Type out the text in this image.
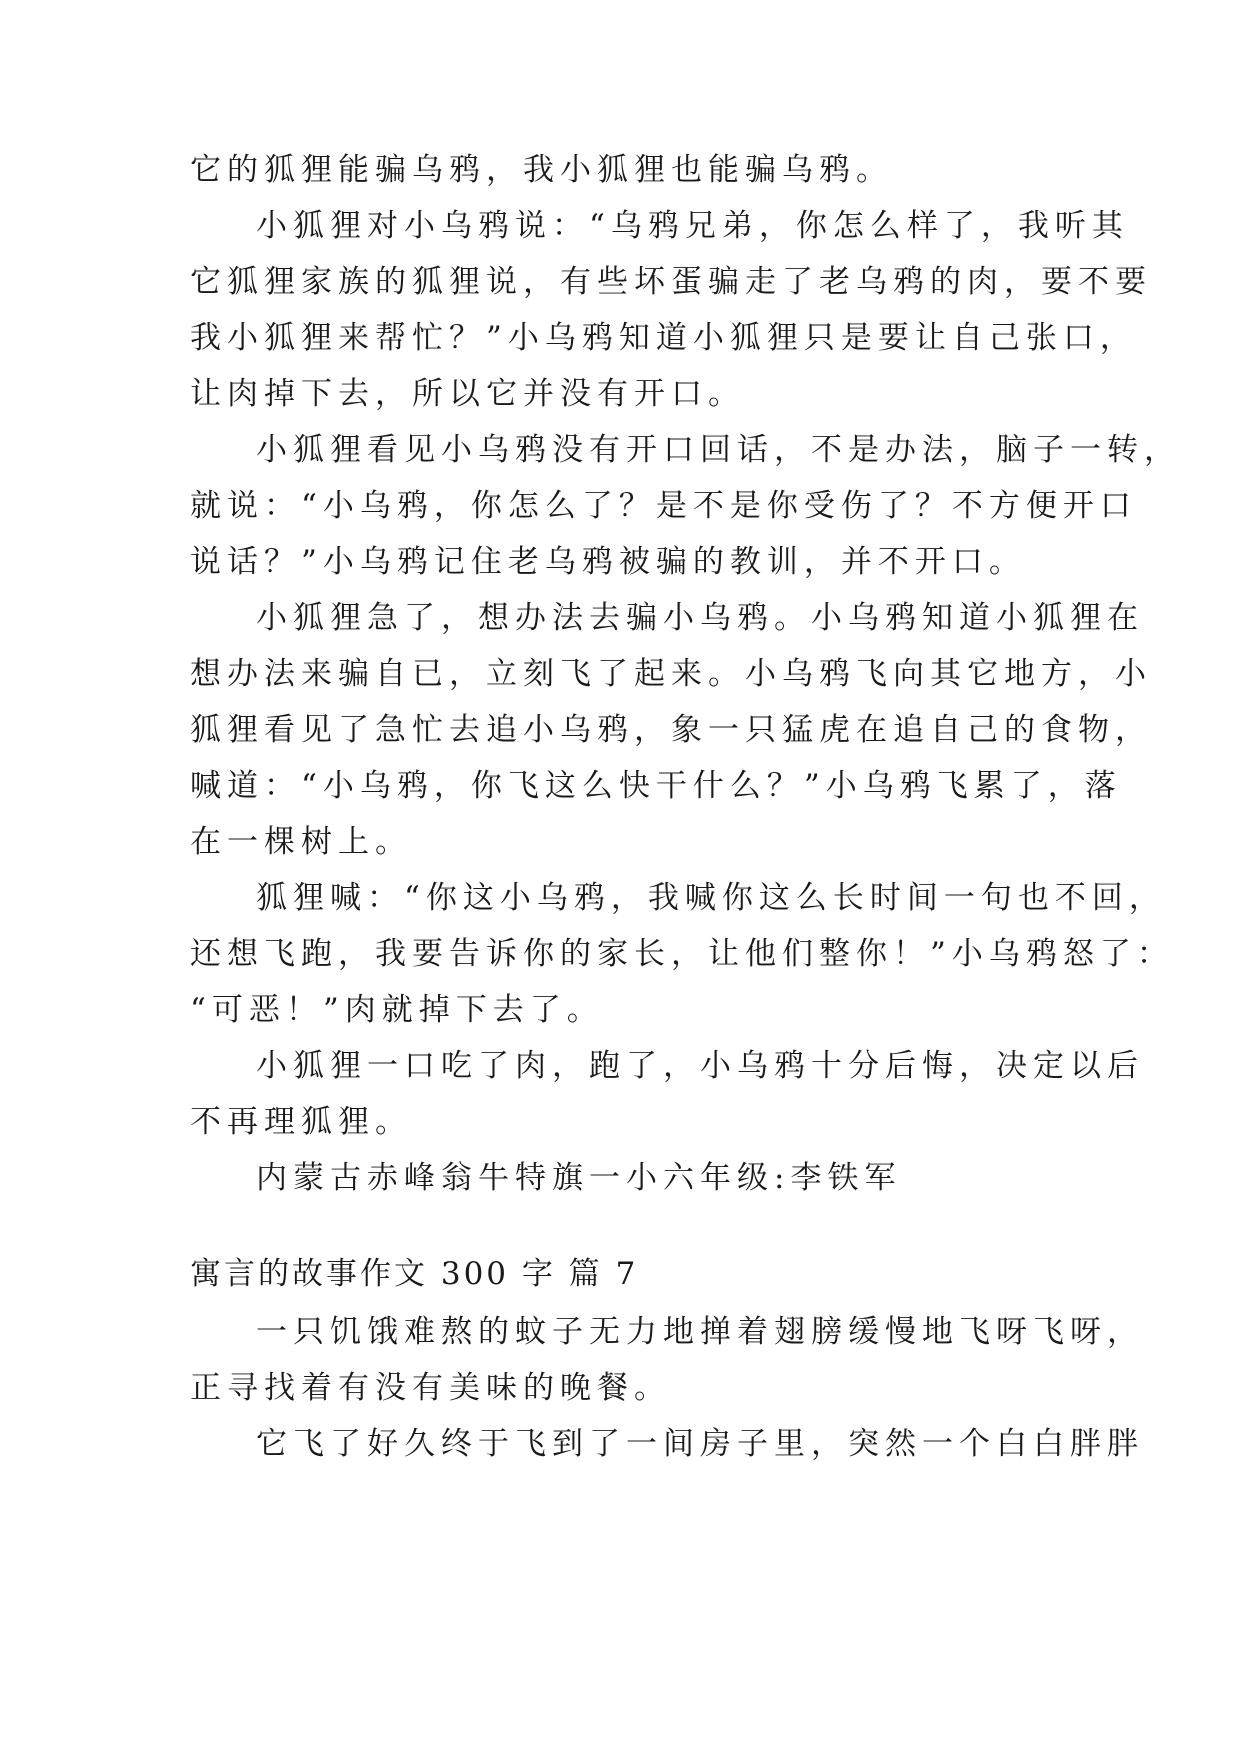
它的狐狸能骗乌鸦，我小狐狸也能骗乌鸦。
小狐狸对小乌鸦说：“乌鸦兄弟，你怎么样了，我听其
它狐狸家族的狐狸说，有些坏蛋骗走了老乌鸦的肉，要不要
我小狐狸来帮忙？”小乌鸦知道小狐狸只是要让自己张口，
让肉掉下去，所以它并没有开口。
小狐狸看见小乌鸦没有开口回话，不是办法，脑子一转，
就说：“小乌鸦，你怎么了？是不是你受伤了？不方便开口
说话？”小乌鸦记住老乌鸦被骗的教训，并不开口。
小狐狸急了，想办法去骗小乌鸦。小乌鸦知道小狐狸在
想办法来骗自已，立刻飞了起来。小乌鸦飞向其它地方，小
狐狸看见了急忙去追小乌鸦，象一只猛虎在追自己的食物，
喊道：“小乌鸦，你飞这么快干什么？”小乌鸦飞累了，落
在一棵树上。
狐狸喊：“你这小乌鸦，我喊你这么长时间一句也不回，
还想飞跑，我要告诉你的家长，让他们整你！”小乌鸦怒了：
“可恶！”肉就掉下去了。
小狐狸一口吃了肉，跑了，小乌鸦十分后悔，决定以后
不再理狐狸。
内蒙古赤峰翁牛特旗一小六年级:李铁军
寓言的故事作文 300 字 篇 7
一只饥饿难熬的蚊子无力地掸着翅膀缓慢地飞呀飞呀，
正寻找着有没有美味的晚餐。
它飞了好久终于飞到了一间房子里，突然一个白白胖胖
